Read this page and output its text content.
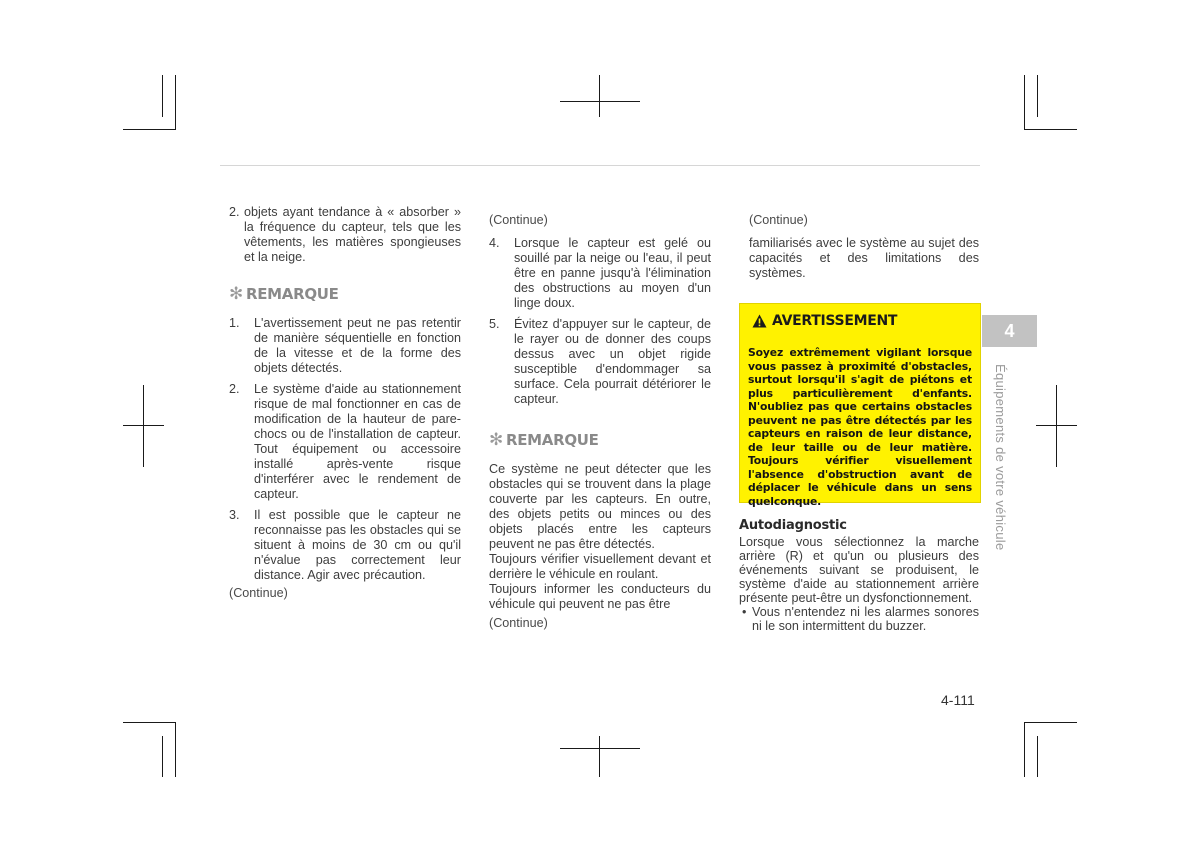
2. objets ayant tendance à « absorber » la fréquence du capteur, tels que les vêtements, les matières spongieuses et la neige.
✻ REMARQUE
1. L'avertissement peut ne pas retentir de manière séquentielle en fonction de la vitesse et de la forme des objets détectés.
2. Le système d'aide au stationnement risque de mal fonctionner en cas de modification de la hauteur de pare-chocs ou de l'installation de capteur. Tout équipement ou accessoire installé après-vente risque d'interférer avec le rendement de capteur.
3. Il est possible que le capteur ne reconnaisse pas les obstacles qui se situent à moins de 30 cm ou qu'il n'évalue pas correctement leur distance. Agir avec précaution.

(Continue)

(Continue)

4. Lorsque le capteur est gelé ou souillé par la neige ou l'eau, il peut être en panne jusqu'à l'élimination des obstructions au moyen d'un linge doux.
5. Évitez d'appuyer sur le capteur, de le rayer ou de donner des coups dessus avec un objet rigide susceptible d'endommager sa surface. Cela pourrait détériorer le capteur.
✻ REMARQUE

Ce système ne peut détecter que les obstacles qui se trouvent dans la plage couverte par les capteurs. En outre, des objets petits ou minces ou des objets placés entre les capteurs peuvent ne pas être détectés.

Toujours vérifier visuellement devant et derrière le véhicule en roulant.

Toujours informer les conducteurs du véhicule qui peuvent ne pas être

(Continue)

(Continue)

familiarisés avec le système au sujet des capacités et des limitations des systèmes.

AVERTISSEMENT
Soyez extrêmement vigilant lorsque vous passez à proximité d'obstacles, surtout lorsqu'il s'agit de piétons et plus particulièrement d'enfants. N'oubliez pas que certains obstacles peuvent ne pas être détectés par les capteurs en raison de leur distance, de leur taille ou de leur matière. Toujours vérifier visuellement l'absence d'obstruction avant de déplacer le véhicule dans un sens quelconque.
Autodiagnostic

Lorsque vous sélectionnez la marche arrière (R) et qu'un ou plusieurs des événements suivant se produisent, le système d'aide au stationnement arrière présente peut-être un dysfonctionnement.

• Vous n'entendez ni les alarmes sonores ni le son intermittent du buzzer.
4
Équipements de votre véhicule
4-111
